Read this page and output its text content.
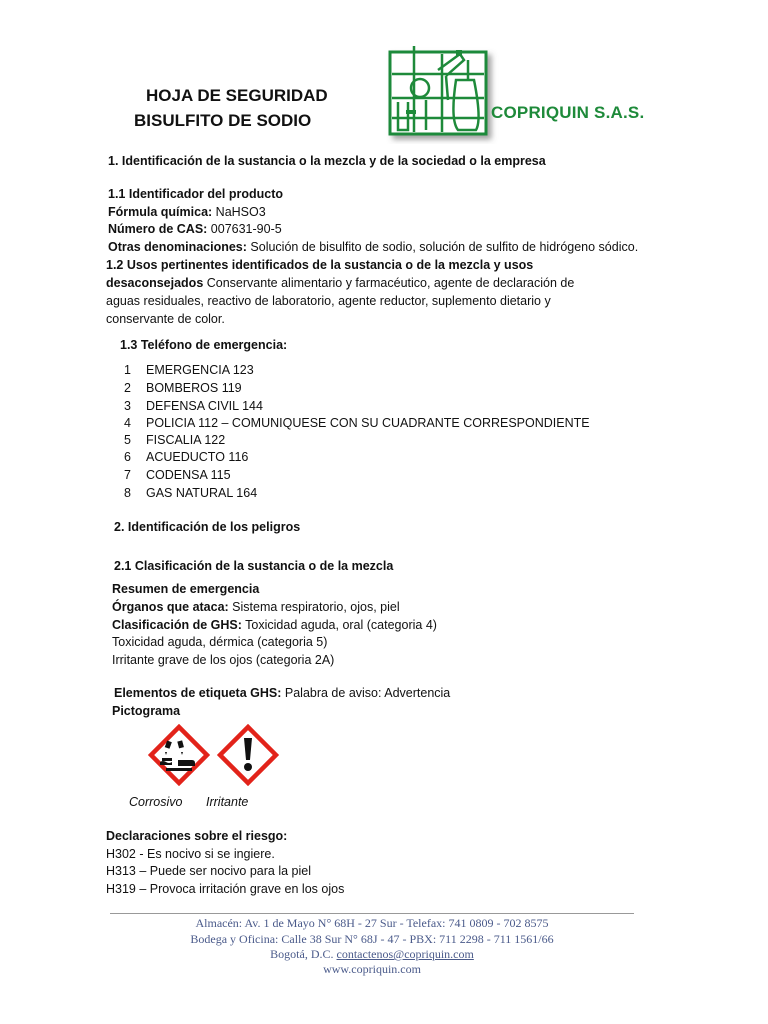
HOJA DE SEGURIDAD
BISULFITO DE SODIO	COPRIQUIN S.A.S.
1. Identificación de la sustancia o la mezcla y de la sociedad o la empresa
1.1 Identificador del producto
Fórmula química: NaHSO3
Número de CAS: 007631-90-5
Otras denominaciones: Solución de bisulfito de sodio, solución de sulfito de hidrógeno sódico.
1.2 Usos pertinentes identificados de la sustancia o de la mezcla y usos
desaconsejados Conservante alimentario y farmacéutico, agente de declaración de
aguas residuales, reactivo de laboratorio, agente reductor, suplemento dietario y
conservante de color.
1.3 Teléfono de emergencia:
1 EMERGENCIA 123
2 BOMBEROS 119
3 DEFENSA CIVIL 144
4 POLICIA 112 – COMUNIQUESE CON SU CUADRANTE CORRESPONDIENTE
5 FISCALIA 122
6 ACUEDUCTO 116
7 CODENSA 115
8 GAS NATURAL 164
2. Identificación de los peligros
2.1 Clasificación de la sustancia o de la mezcla
Resumen de emergencia
Órganos que ataca: Sistema respiratorio, ojos, piel
Clasificación de GHS: Toxicidad aguda, oral (categoria 4)
Toxicidad aguda, dérmica (categoria 5)
Irritante grave de los ojos (categoria 2A)
Elementos de etiqueta GHS: Palabra de aviso: Advertencia
Pictograma
Corrosivo Irritante
Declaraciones sobre el riesgo:
H302 - Es nocivo si se ingiere.
H313 – Puede ser nocivo para la piel
H319 – Provoca irritación grave en los ojos
Almacén: Av. 1 de Mayo N° 68H - 27 Sur - Telefax: 741 0809 - 702 8575
Bodega y Oficina: Calle 38 Sur N° 68J - 47 - PBX: 711 2298 - 711 1561/66
Bogotá, D.C. contactenos@copriquin.com
www.copriquin.com
